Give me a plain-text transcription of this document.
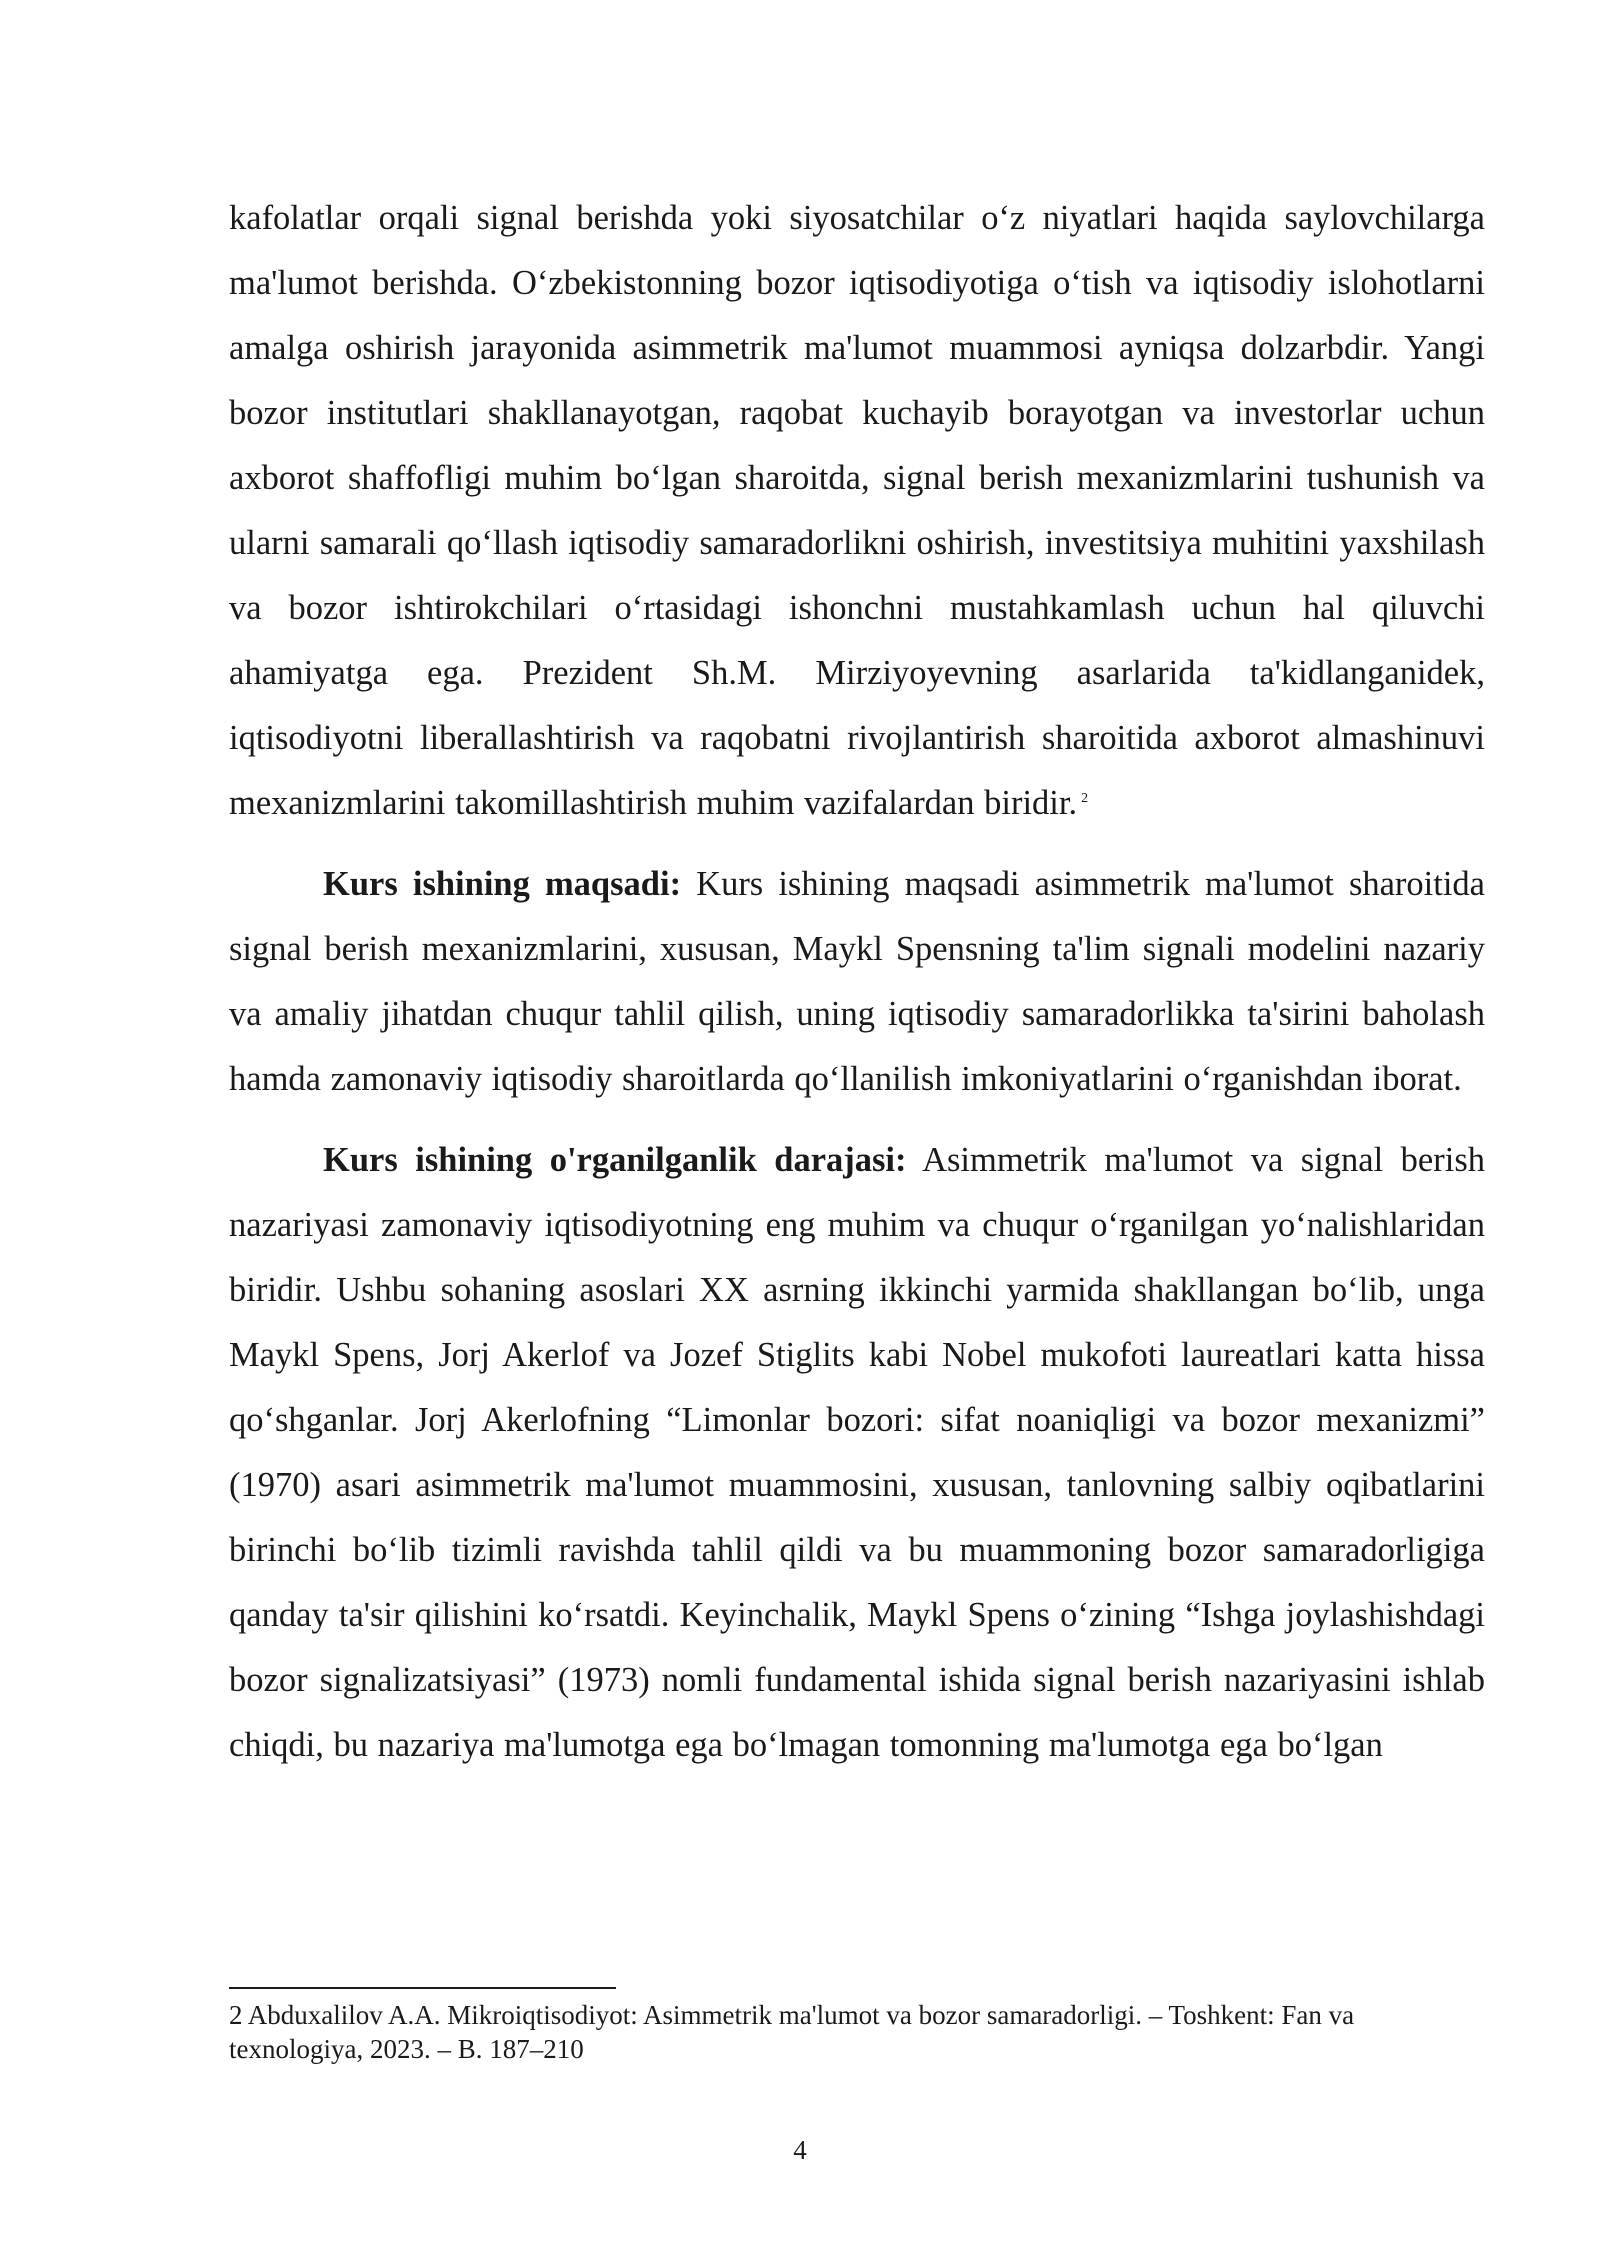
kafolatlar orqali signal berishda yoki siyosatchilar o‘z niyatlari haqida saylovchilarga ma'lumot berishda. O‘zbekistonning bozor iqtisodiyotiga o‘tish va iqtisodiy islohotlarni amalga oshirish jarayonida asimmetrik ma'lumot muammosi ayniqsa dolzarbdir. Yangi bozor institutlari shakllanayotgan, raqobat kuchayib borayotgan va investorlar uchun axborot shaffofligi muhim bo‘lgan sharoitda, signal berish mexanizmlarini tushunish va ularni samarali qo‘llash iqtisodiy samaradorlikni oshirish, investitsiya muhitini yaxshilash va bozor ishtirokchilari o‘rtasidagi ishonchni mustahkamlash uchun hal qiluvchi ahamiyatga ega. Prezident Sh.M. Mirziyoyevning asarlarida ta'kidlanganidek, iqtisodiyotni liberallashtirish va raqobatni rivojlantirish sharoitida axborot almashinuvi mexanizmlarini takomillashtirish muhim vazifalardan biridir. $^2$

Kurs ishining maqsadi: Kurs ishining maqsadi asimmetrik ma'lumot sharoitida signal berish mexanizmlarini, xususan, Maykl Spensning ta'lim signali modelini nazariy va amaliy jihatdan chuqur tahlil qilish, uning iqtisodiy samaradorlikka ta'sirini baholash hamda zamonaviy iqtisodiy sharoitlarda qo‘llanilish imkoniyatlarini o‘rganishdan iborat.

Kurs ishining o'rganilganlik darajasi: Asimmetrik ma'lumot va signal berish nazariyasi zamonaviy iqtisodiyotning eng muhim va chuqur o‘rganilgan yo‘nalishlaridan biridir. Ushbu sohaning asoslari XX asrning ikkinchi yarmida shakllangan bo‘lib, unga Maykl Spens, Jorj Akerlof va Jozef Stiglits kabi Nobel mukofoti laureatlari katta hissa qo‘shganlar. Jorj Akerlofning “Limonlar bozori: sifat noaniqligi va bozor mexanizmi” (1970) asari asimmetrik ma'lumot muammosini, xususan, tanlovning salbiy oqibatlarini birinchi bo‘lib tizimli ravishda tahlil qildi va bu muammoning bozor samaradorligiga qanday ta'sir qilishini ko‘rsatdi. Keyinchalik, Maykl Spens o‘zining “Ishga joylashishdagi bozor signalizatsiyasi” (1973) nomli fundamental ishida signal berish nazariyasini ishlab chiqdi, bu nazariya ma'lumotga ega bo‘lmagan tomonning ma'lumotga ega bo‘lgan

2 Abduxalilov A.A. Mikroiqtisodiyot: Asimmetrik ma'lumot va bozor samaradorligi. – Toshkent: Fan va texnologiya, 2023. – B. 187–210

4
